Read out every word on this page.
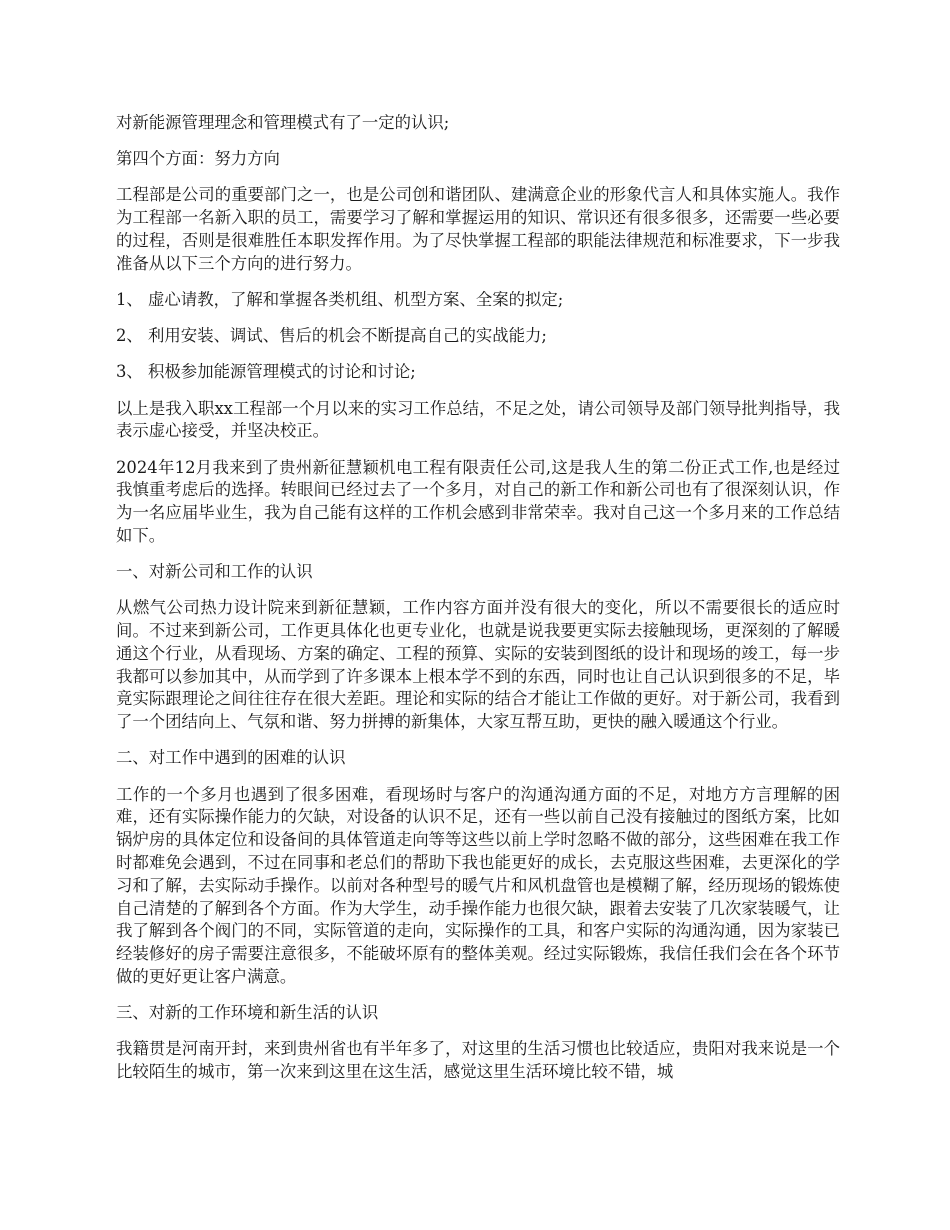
对新能源管理理念和管理模式有了一定的认识;

第四个方面：努力方向

工程部是公司的重要部门之一，也是公司创和谐团队、建满意企业的形象代言人和具体实施人。我作为工程部一名新入职的员工，需要学习了解和掌握运用的知识、常识还有很多很多，还需要一些必要的过程，否则是很难胜任本职发挥作用。为了尽快掌握工程部的职能法律规范和标准要求，下一步我准备从以下三个方向的进行努力。

1、 虚心请教，了解和掌握各类机组、机型方案、全案的拟定;

2、 利用安装、调试、售后的机会不断提高自己的实战能力;

3、 积极参加能源管理模式的讨论和讨论;

以上是我入职xx工程部一个月以来的实习工作总结，不足之处，请公司领导及部门领导批判指导，我表示虚心接受，并坚决校正。

2024年12月我来到了贵州新征慧颖机电工程有限责任公司,这是我人生的第二份正式工作,也是经过我慎重考虑后的选择。转眼间已经过去了一个多月，对自己的新工作和新公司也有了很深刻认识，作为一名应届毕业生，我为自己能有这样的工作机会感到非常荣幸。我对自己这一个多月来的工作总结如下。

一、对新公司和工作的认识

从燃气公司热力设计院来到新征慧颖，工作内容方面并没有很大的变化，所以不需要很长的适应时间。不过来到新公司，工作更具体化也更专业化，也就是说我要更实际去接触现场，更深刻的了解暖通这个行业，从看现场、方案的确定、工程的预算、实际的安装到图纸的设计和现场的竣工，每一步我都可以参加其中，从而学到了许多课本上根本学不到的东西，同时也让自己认识到很多的不足，毕竟实际跟理论之间往往存在很大差距。理论和实际的结合才能让工作做的更好。对于新公司，我看到了一个团结向上、气氛和谐、努力拼搏的新集体，大家互帮互助，更快的融入暖通这个行业。

二、对工作中遇到的困难的认识

工作的一个多月也遇到了很多困难，看现场时与客户的沟通沟通方面的不足，对地方方言理解的困难，还有实际操作能力的欠缺，对设备的认识不足，还有一些以前自己没有接触过的图纸方案，比如锅炉房的具体定位和设备间的具体管道走向等等这些以前上学时忽略不做的部分，这些困难在我工作时都难免会遇到，不过在同事和老总们的帮助下我也能更好的成长，去克服这些困难，去更深化的学习和了解，去实际动手操作。以前对各种型号的暖气片和风机盘管也是模糊了解，经历现场的锻炼使自己清楚的了解到各个方面。作为大学生，动手操作能力也很欠缺，跟着去安装了几次家装暖气，让我了解到各个阀门的不同，实际管道的走向，实际操作的工具，和客户实际的沟通沟通，因为家装已经装修好的房子需要注意很多，不能破坏原有的整体美观。经过实际锻炼，我信任我们会在各个环节做的更好更让客户满意。

三、对新的工作环境和新生活的认识

我籍贯是河南开封，来到贵州省也有半年多了，对这里的生活习惯也比较适应，贵阳对我来说是一个比较陌生的城市，第一次来到这里在这生活，感觉这里生活环境比较不错，城
